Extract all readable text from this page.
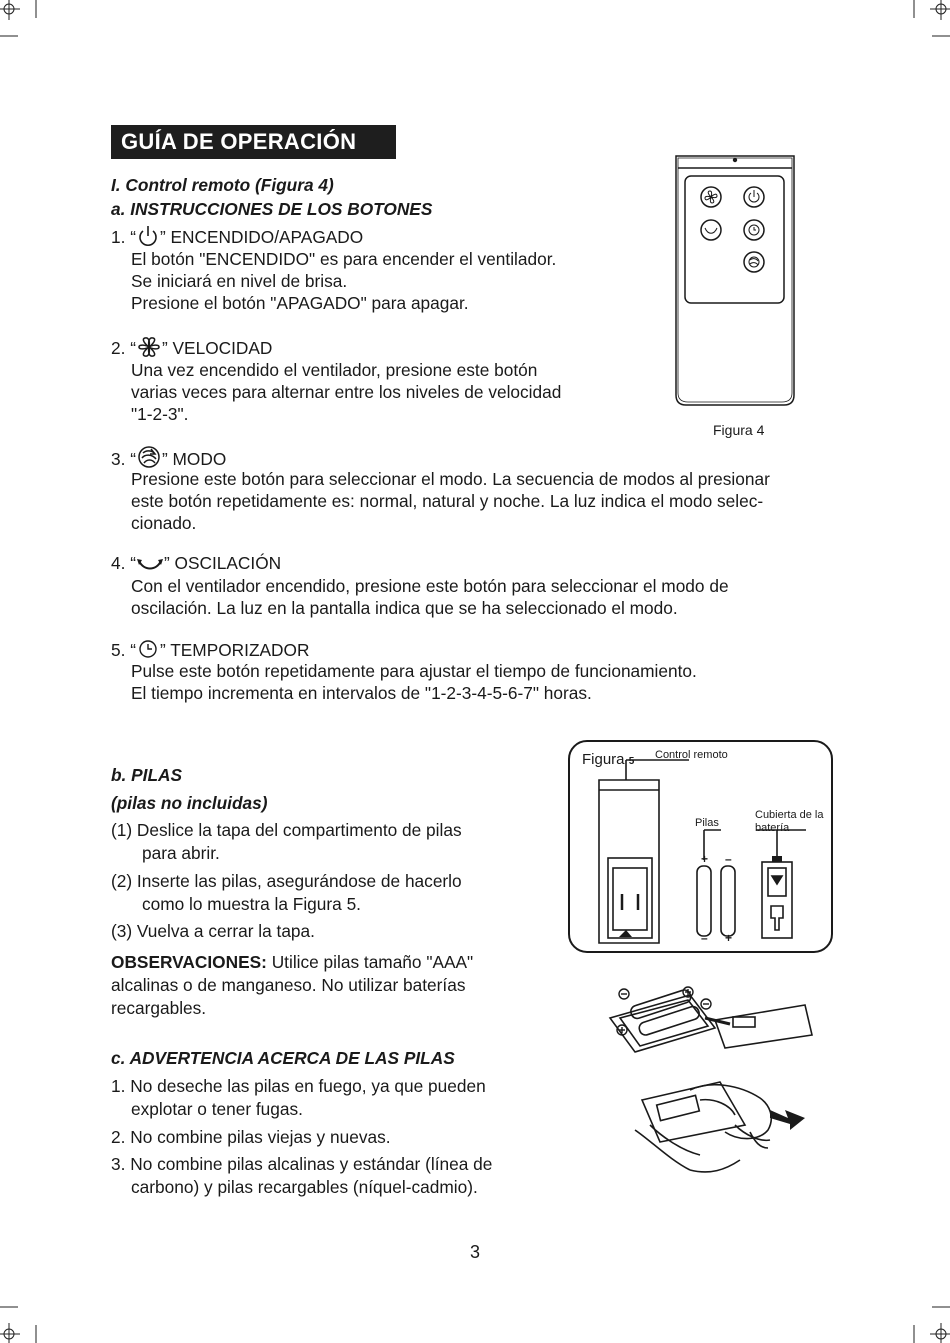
GUÍA DE OPERACIÓN
I. Control remoto (Figura 4)
a. INSTRUCCIONES DE LOS BOTONES
1. “ ” ENCENDIDO/APAGADO
El botón "ENCENDIDO" es para encender el ventilador.
Se iniciará en nivel de brisa.
Presione el botón "APAGADO" para apagar.
2. “ ” VELOCIDAD
Una vez encendido el ventilador, presione este botón
varias veces para alternar entre los niveles de velocidad
"1-2-3".
3. “ ” MODO
Presione este botón para seleccionar el modo. La secuencia de modos al presionar
este botón repetidamente es: normal, natural y noche. La luz indica el modo selec-
cionado.
4. “ ” OSCILACIÓN
Con el ventilador encendido, presione este botón para seleccionar el modo de
oscilación. La luz en la pantalla indica que se ha seleccionado el modo.
5. “ ” TEMPORIZADOR
Pulse este botón repetidamente para ajustar el tiempo de funcionamiento.
El tiempo incrementa en intervalos de "1-2-3-4-5-6-7" horas.
Figura 4
b. PILAS
(pilas no incluidas)
(1) Deslice la tapa del compartimento de pilas
para abrir.
(2) Inserte las pilas, asegurándose de hacerlo
como lo muestra la Figura 5.
(3) Vuelva a cerrar la tapa.
OBSERVACIONES: Utilice pilas tamaño "AAA"
alcalinas o de manganeso. No utilizar baterías
recargables.
c. ADVERTENCIA ACERCA DE LAS PILAS
1. No deseche las pilas en fuego, ya que pueden
explotar o tener fugas.
2. No combine pilas viejas y nuevas.
3. No combine pilas alcalinas y estándar (línea de
carbono) y pilas recargables (níquel-cadmio).
Figura 5
Control remoto
Pilas
Cubierta de la
batería
+ –
– +
3
